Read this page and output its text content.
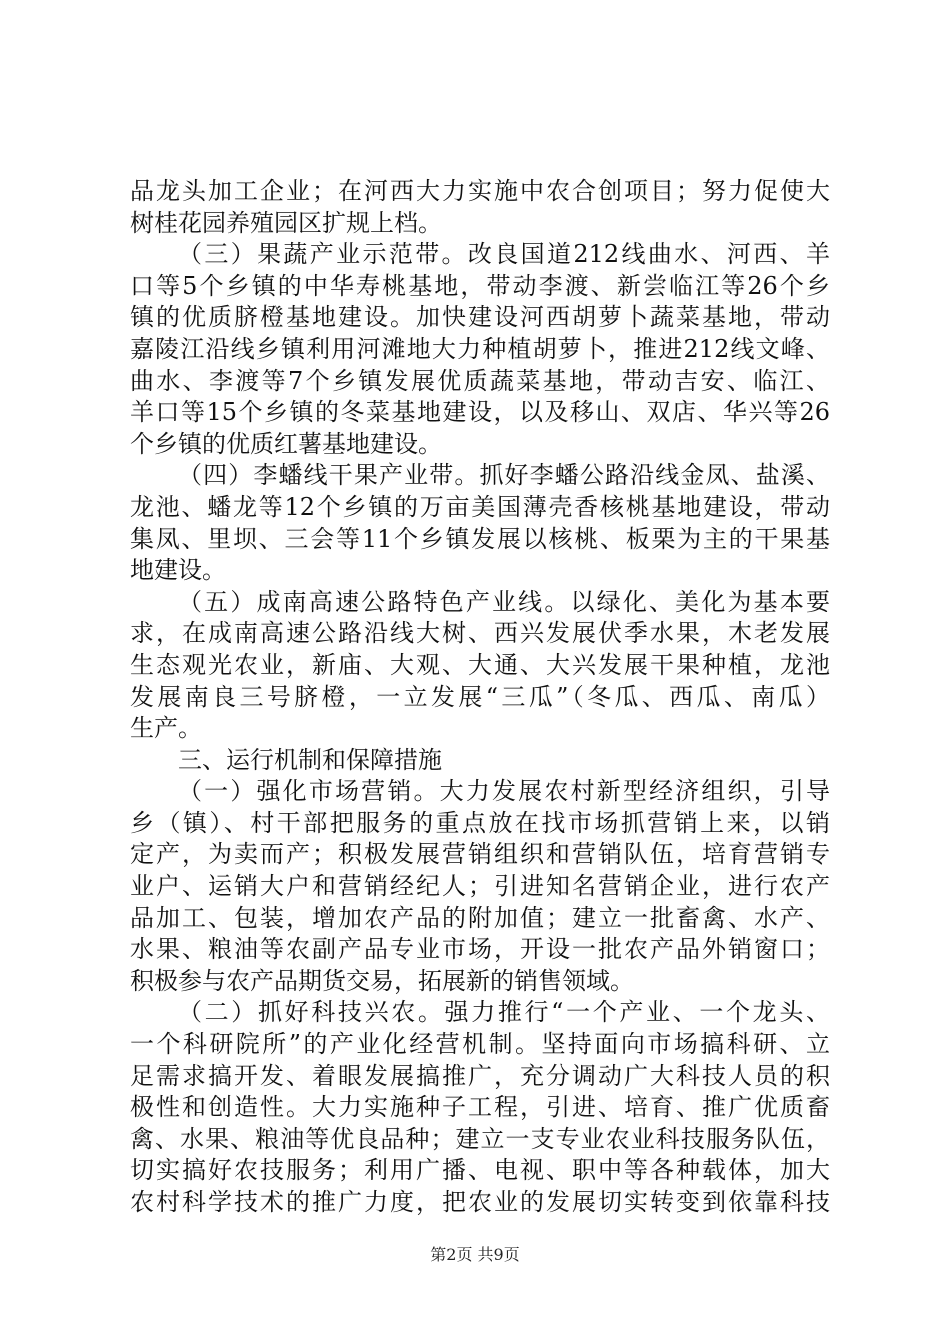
品龙头加工企业；在河西大力实施中农合创项目；努力促使大
树桂花园养殖园区扩规上档。
（三）果蔬产业示范带。改良国道212线曲水、河西、羊
口等5个乡镇的中华寿桃基地，带动李渡、新尝临江等26个乡
镇的优质脐橙基地建设。加快建设河西胡萝卜蔬菜基地，带动
嘉陵江沿线乡镇利用河滩地大力种植胡萝卜，推进212线文峰、
曲水、李渡等7个乡镇发展优质蔬菜基地，带动吉安、临江、
羊口等15个乡镇的冬菜基地建设，以及移山、双店、华兴等26
个乡镇的优质红薯基地建设。
（四）李蟠线干果产业带。抓好李蟠公路沿线金凤、盐溪、
龙池、蟠龙等12个乡镇的万亩美国薄壳香核桃基地建设，带动
集凤、里坝、三会等11个乡镇发展以核桃、板栗为主的干果基
地建设。
（五）成南高速公路特色产业线。以绿化、美化为基本要
求，在成南高速公路沿线大树、西兴发展伏季水果，木老发展
生态观光农业，新庙、大观、大通、大兴发展干果种植，龙池
发展南良三号脐橙，一立发展“三瓜”（冬瓜、西瓜、南瓜）
生产。
三、运行机制和保障措施
（一）强化市场营销。大力发展农村新型经济组织，引导
乡（镇）、村干部把服务的重点放在找市场抓营销上来，以销
定产，为卖而产；积极发展营销组织和营销队伍，培育营销专
业户、运销大户和营销经纪人；引进知名营销企业，进行农产
品加工、包装，增加农产品的附加值；建立一批畜禽、水产、
水果、粮油等农副产品专业市场，开设一批农产品外销窗口；
积极参与农产品期货交易，拓展新的销售领域。
（二）抓好科技兴农。强力推行“一个产业、一个龙头、
一个科研院所”的产业化经营机制。坚持面向市场搞科研、立
足需求搞开发、着眼发展搞推广，充分调动广大科技人员的积
极性和创造性。大力实施种子工程，引进、培育、推广优质畜
禽、水果、粮油等优良品种；建立一支专业农业科技服务队伍，
切实搞好农技服务；利用广播、电视、职中等各种载体，加大
农村科学技术的推广力度，把农业的发展切实转变到依靠科技
第2页 共9页
